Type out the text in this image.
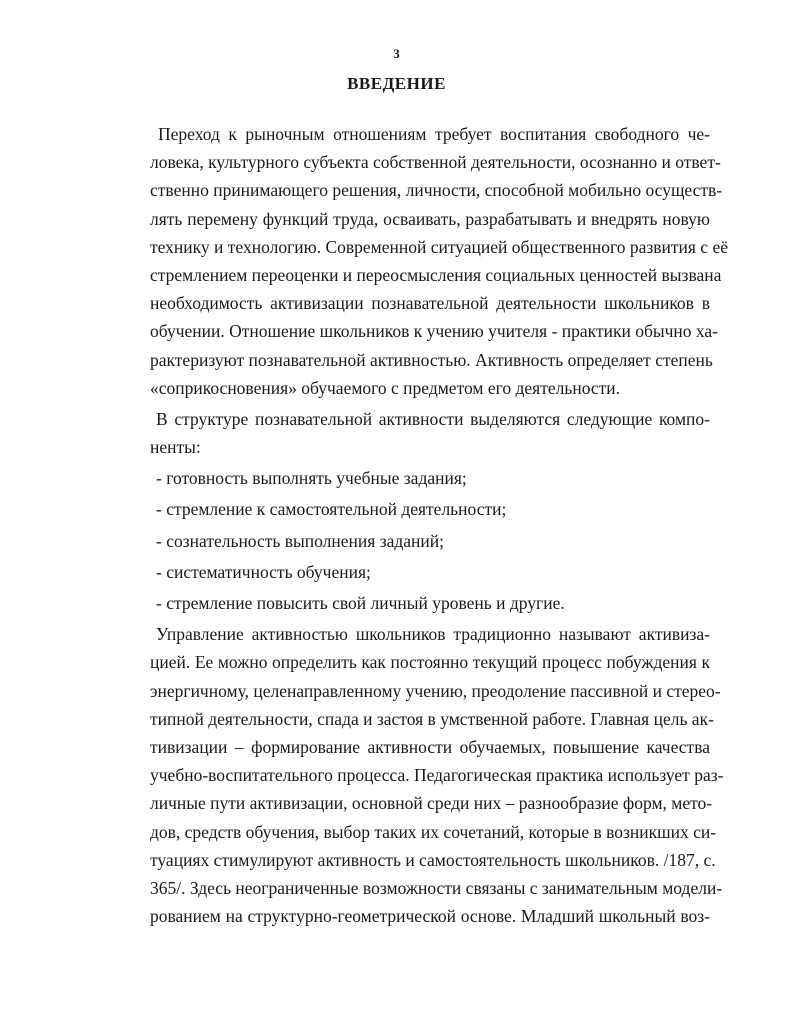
3
ВВЕДЕНИЕ
Переход к рыночным отношениям требует воспитания свободного че-
ловека, культурного субъекта собственной деятельности, осознанно и ответ-
ственно принимающего решения, личности, способной мобильно осуществ-
лять перемену функций труда, осваивать, разрабатывать и внедрять новую
технику и технологию. Современной ситуацией общественного развития с её
стремлением переоценки и переосмысления социальных ценностей вызвана
необходимость активизации познавательной деятельности школьников в
обучении. Отношение школьников к учению учителя - практики обычно ха-
рактеризуют познавательной активностью. Активность определяет степень
«соприкосновения» обучаемого с предметом его деятельности.
В структуре познавательной активности выделяются следующие компо-
ненты:
- готовность выполнять учебные задания;
- стремление к самостоятельной деятельности;
- сознательность выполнения заданий;
- систематичность обучения;
- стремление повысить свой личный уровень и другие.
Управление активностью школьников традиционно называют активиза-
цией. Ее можно определить как постоянно текущий процесс побуждения к
энергичному, целенаправленному учению, преодоление пассивной и стерео-
типной деятельности, спада и застоя в умственной работе. Главная цель ак-
тивизации – формирование активности обучаемых, повышение качества
учебно-воспитательного процесса. Педагогическая практика использует раз-
личные пути активизации, основной среди них – разнообразие форм, мето-
дов, средств обучения, выбор таких их сочетаний, которые в возникших си-
туациях стимулируют активность и самостоятельность школьников. /187, с.
365/. Здесь неограниченные возможности связаны с занимательным модели-
рованием на структурно-геометрической основе. Младший школьный воз-
